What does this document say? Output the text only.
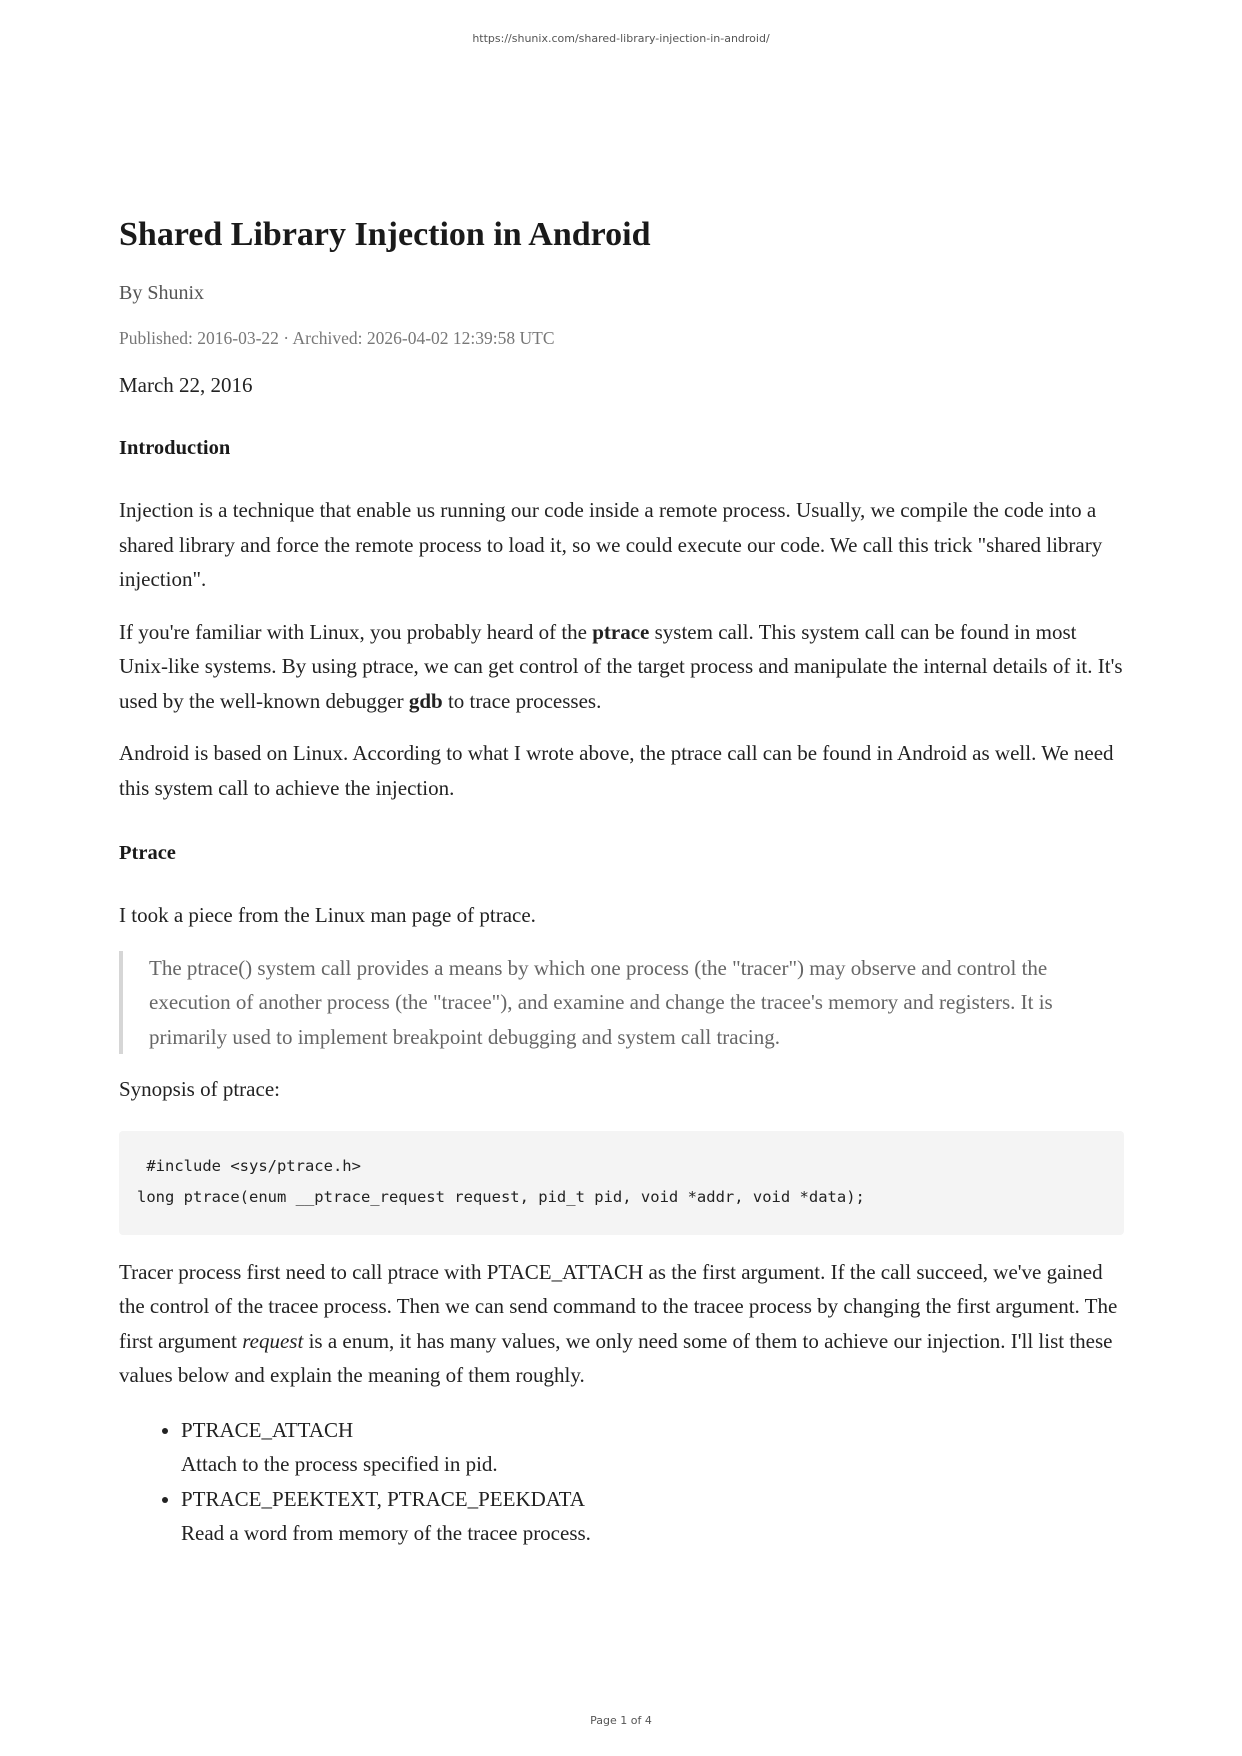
https://shunix.com/shared-library-injection-in-android/
Shared Library Injection in Android
By Shunix
Published: 2016-03-22 · Archived: 2026-04-02 12:39:58 UTC
March 22, 2016
Introduction

Injection is a technique that enable us running our code inside a remote process. Usually, we compile the code into a shared library and force the remote process to load it, so we could execute our code. We call this trick "shared library injection".

If you're familiar with Linux, you probably heard of the ptrace system call. This system call can be found in most Unix-like systems. By using ptrace, we can get control of the target process and manipulate the internal details of it. It's used by the well-known debugger gdb to trace processes.

Android is based on Linux. According to what I wrote above, the ptrace call can be found in Android as well. We need this system call to achieve the injection.

Ptrace

I took a piece from the Linux man page of ptrace.

The ptrace() system call provides a means by which one process (the "tracer") may observe and control the execution of another process (the "tracee"), and examine and change the tracee's memory and registers. It is primarily used to implement breakpoint debugging and system call tracing.

Synopsis of ptrace:

#include <sys/ptrace.h>
long ptrace(enum __ptrace_request request, pid_t pid, void *addr, void *data);

Tracer process first need to call ptrace with PTACE_ATTACH as the first argument. If the call succeed, we've gained the control of the tracee process. Then we can send command to the tracee process by changing the first argument. The first argument request is a enum, it has many values, we only need some of them to achieve our injection. I'll list these values below and explain the meaning of them roughly.

• PTRACE_ATTACH
Attach to the process specified in pid.
• PTRACE_PEEKTEXT, PTRACE_PEEKDATA
Read a word from memory of the tracee process.
Page 1 of 4
